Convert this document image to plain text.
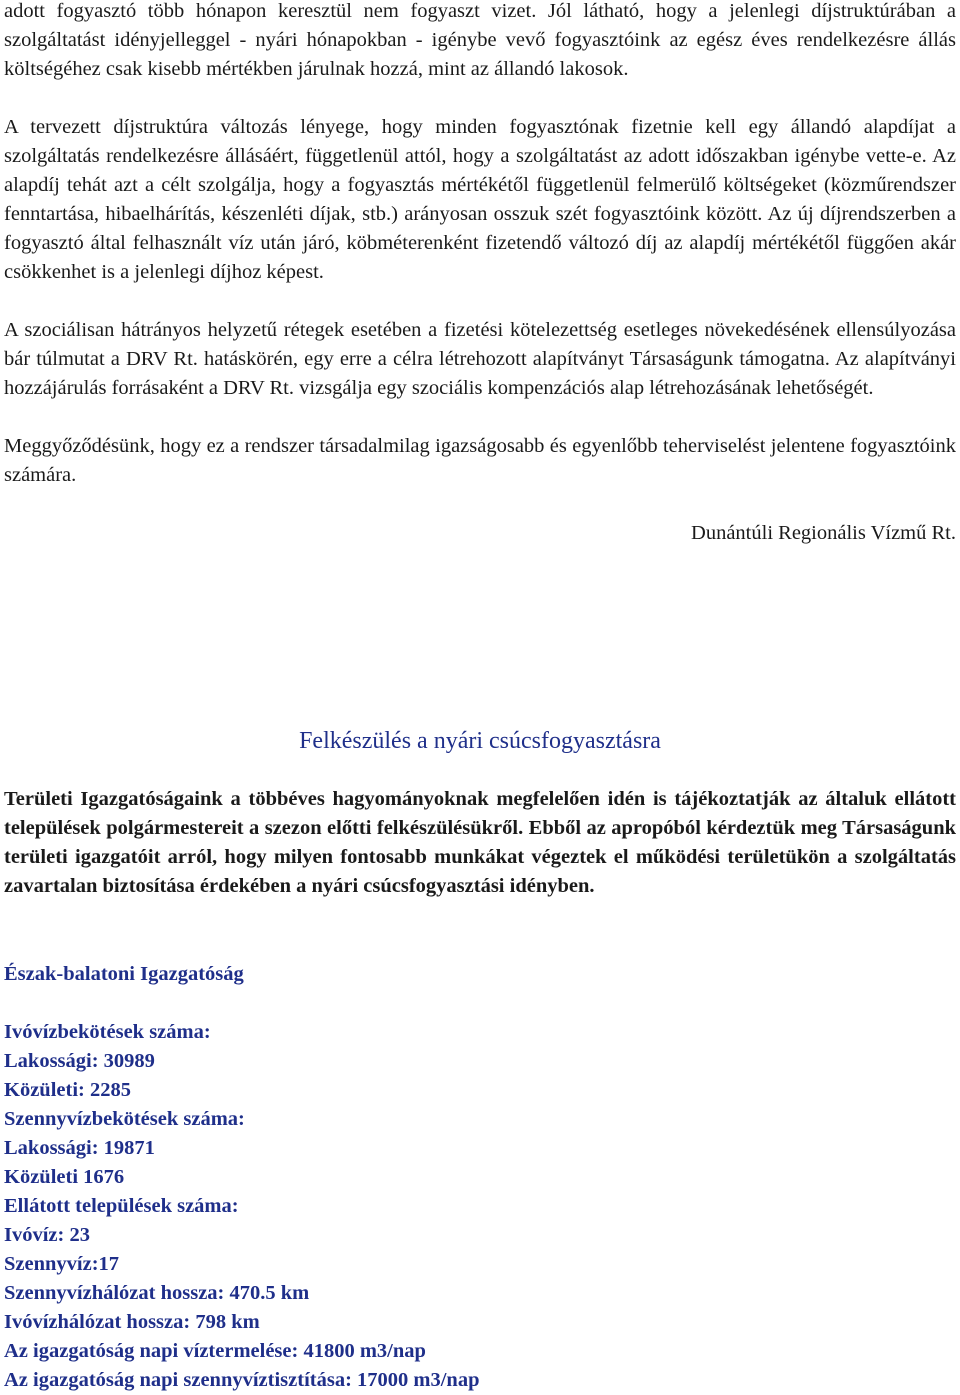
adott fogyasztó több hónapon keresztül nem fogyaszt vizet. Jól látható, hogy a jelenlegi díjstruktúrában a szolgáltatást idényjelleggel - nyári hónapokban - igénybe vevő fogyasztóink az egész éves rendelkezésre állás költségéhez csak kisebb mértékben járulnak hozzá, mint az állandó lakosok.

A tervezett díjstruktúra változás lényege, hogy minden fogyasztónak fizetnie kell egy állandó alapdíjat a szolgáltatás rendelkezésre állásáért, függetlenül attól, hogy a szolgáltatást az adott időszakban igénybe vette-e. Az alapdíj tehát azt a célt szolgálja, hogy a fogyasztás mértékétől függetlenül felmerülő költségeket (közműrendszer fenntartása, hibaelhárítás, készenléti díjak, stb.) arányosan osszuk szét fogyasztóink között. Az új díjrendszerben a fogyasztó által felhasznált víz után járó, köbméterenként fizetendő változó díj az alapdíj mértékétől függően akár csökkenhet is a jelenlegi díjhoz képest.

A szociálisan hátrányos helyzetű rétegek esetében a fizetési kötelezettség esetleges növekedésének ellensúlyozása bár túlmutat a DRV Rt. hatáskörén, egy erre a célra létrehozott alapítványt Társaságunk támogatna. Az alapítványi hozzájárulás forrásaként a DRV Rt. vizsgálja egy szociális kompenzációs alap létrehozásának lehetőségét.

Meggyőződésünk, hogy ez a rendszer társadalmilag igazságosabb és egyenlőbb teherviselést jelentene fogyasztóink számára.

Dunántúli Regionális Vízmű Rt.

Felkészülés a nyári csúcsfogyasztásra

Területi Igazgatóságaink a többéves hagyományoknak megfelelően idén is tájékoztatják az általuk ellátott települések polgármestereit a szezon előtti felkészülésükről. Ebből az apropóból kérdeztük meg Társaságunk területi igazgatóit arról, hogy milyen fontosabb munkákat végeztek el működési területükön a szolgáltatás zavartalan biztosítása érdekében a nyári csúcsfogyasztási idényben.

Észak-balatoni Igazgatóság
Ivóvízbekötések száma:
Lakossági: 30989
Közületi: 2285
Szennyvízbekötések száma:
Lakossági: 19871
Közületi 1676
Ellátott települések száma:
Ivóvíz: 23
Szennyvíz:17
Szennyvízhálózat hossza: 470.5 km
Ivóvízhálózat hossza: 798 km
Az igazgatóság napi víztermelése: 41800 m3/nap
Az igazgatóság napi szennyvíztisztítása: 17000 m3/nap
